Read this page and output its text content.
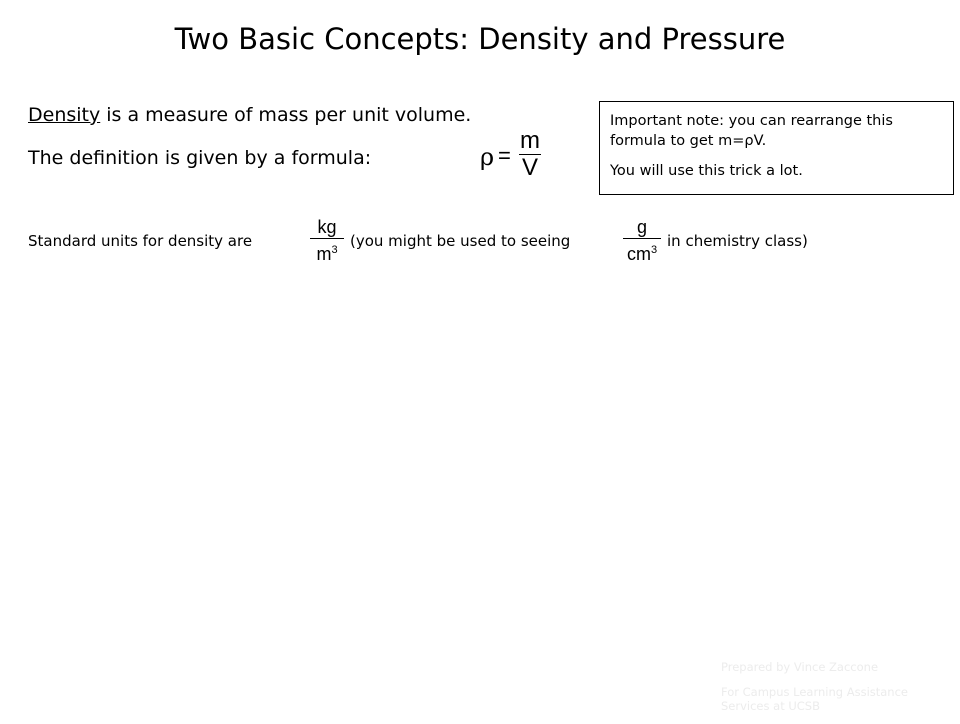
Two Basic Concepts: Density and Pressure
Density is a measure of mass per unit volume.
The definition is given by a formula:	ρ =
m
V
Standard units for density are
kg
$m^3$ (you might be used to seeing
g
$cm^3$ in chemistry class)

Important note: you can rearrange this formula to get m=ρV.

You will use this trick a lot.

Prepared by Vince Zaccone

For Campus Learning Assistance Services at UCSB
